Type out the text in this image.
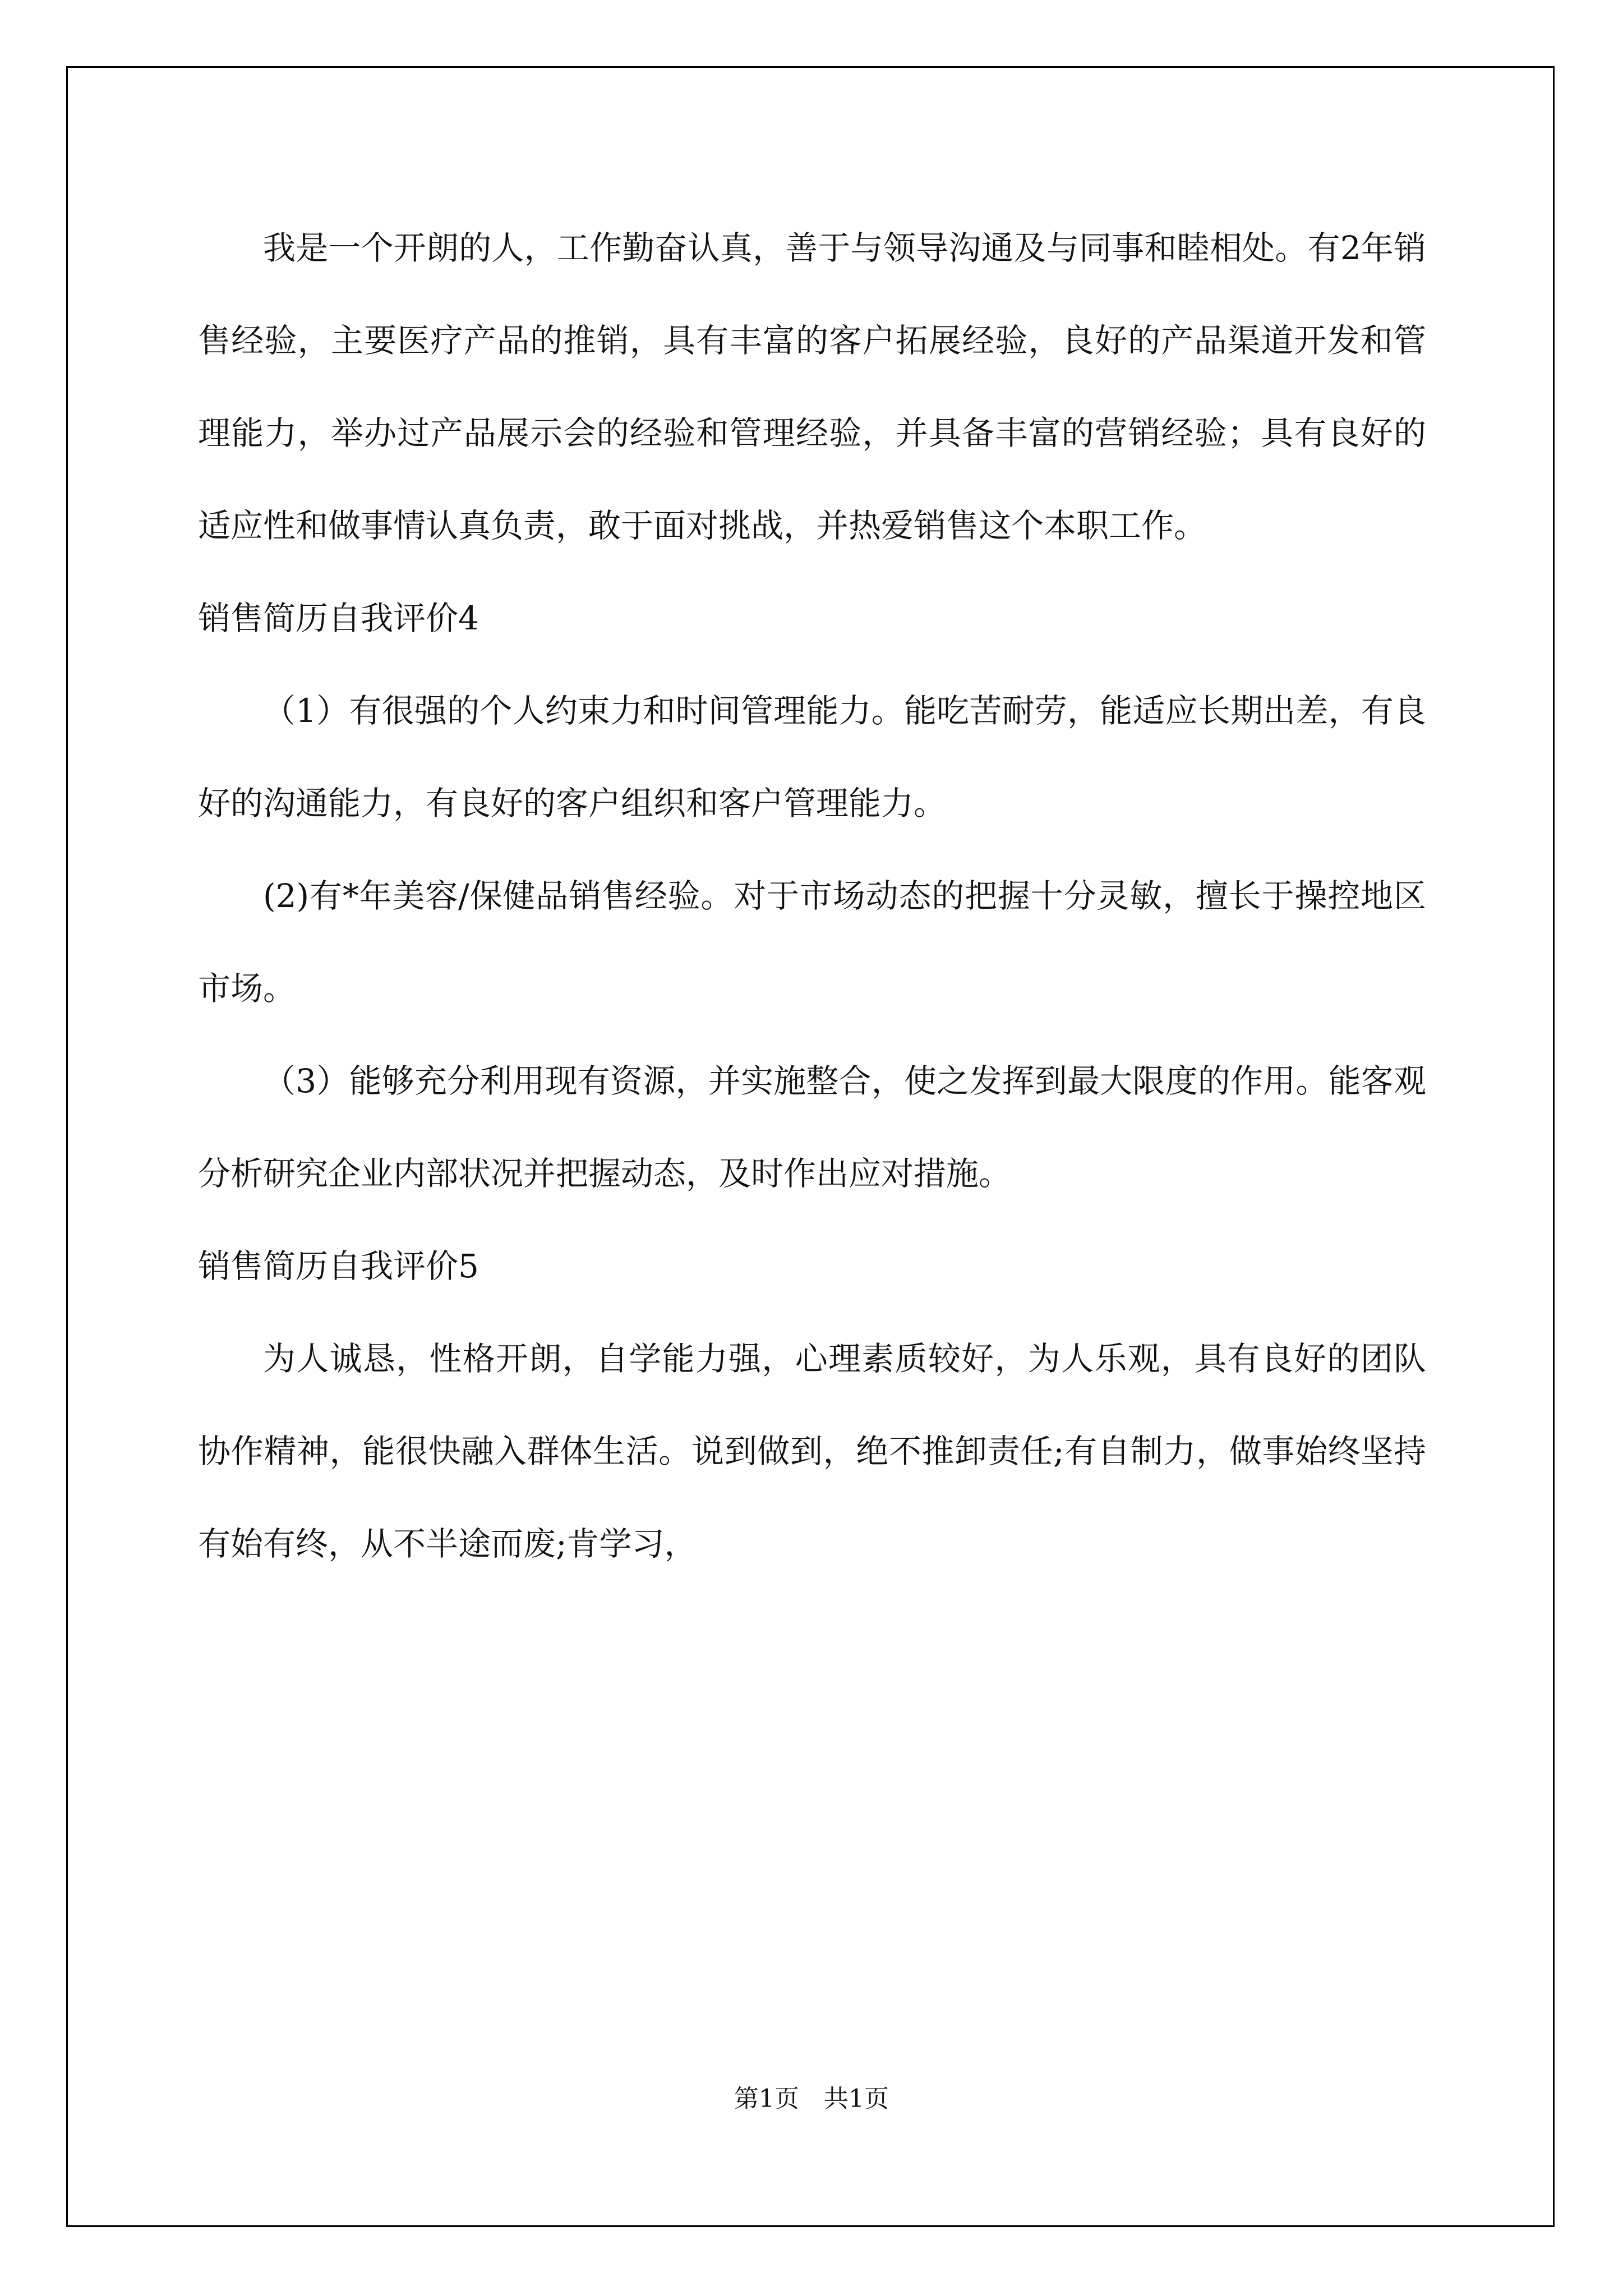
我是一个开朗的人，工作勤奋认真，善于与领导沟通及与同事和睦相处。有2年销售经验，主要医疗产品的推销，具有丰富的客户拓展经验，良好的产品渠道开发和管理能力，举办过产品展示会的经验和管理经验，并具备丰富的营销经验；具有良好的适应性和做事情认真负责，敢于面对挑战，并热爱销售这个本职工作。

销售简历自我评价4

（1）有很强的个人约束力和时间管理能力。能吃苦耐劳，能适应长期出差，有良好的沟通能力，有良好的客户组织和客户管理能力。

(2)有*年美容/保健品销售经验。对于市场动态的把握十分灵敏，擅长于操控地区市场。

（3）能够充分利用现有资源，并实施整合，使之发挥到最大限度的作用。能客观分析研究企业内部状况并把握动态，及时作出应对措施。

销售简历自我评价5

为人诚恳，性格开朗，自学能力强，心理素质较好，为人乐观，具有良好的团队协作精神，能很快融入群体生活。说到做到，绝不推卸责任;有自制力，做事始终坚持有始有终，从不半途而废;肯学习，

第1页　共1页
